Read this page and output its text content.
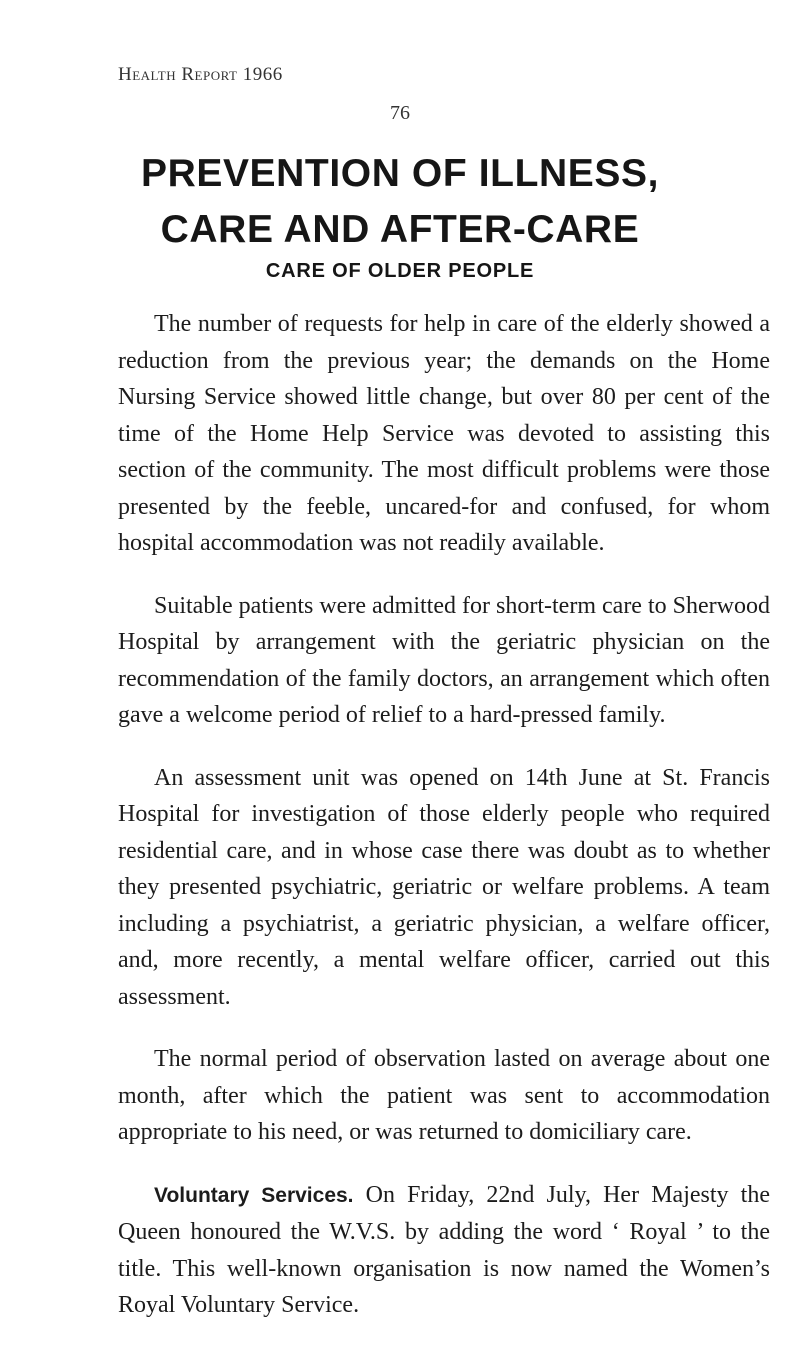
Health Report 1966
76
PREVENTION OF ILLNESS,
CARE AND AFTER-CARE
CARE OF OLDER PEOPLE

The number of requests for help in care of the elderly showed a reduction from the previous year; the demands on the Home Nursing Service showed little change, but over 80 per cent of the time of the Home Help Service was devoted to assisting this section of the community. The most difficult problems were those presented by the feeble, uncared-for and confused, for whom hospital accommodation was not readily available.

Suitable patients were admitted for short-term care to Sherwood Hospital by arrangement with the geriatric physician on the recommendation of the family doctors, an arrangement which often gave a welcome period of relief to a hard-pressed family.

An assessment unit was opened on 14th June at St. Francis Hospital for investigation of those elderly people who required residential care, and in whose case there was doubt as to whether they presented psychiatric, geriatric or welfare problems. A team including a psychiatrist, a geriatric physician, a welfare officer, and, more recently, a mental welfare officer, carried out this assessment.

The normal period of observation lasted on average about one month, after which the patient was sent to accommodation appropriate to his need, or was returned to domiciliary care.

Voluntary Services. On Friday, 22nd July, Her Majesty the Queen honoured the W.V.S. by adding the word ‘ Royal ’ to the title. This well-known organisation is now named the Women’s Royal Voluntary Service.
